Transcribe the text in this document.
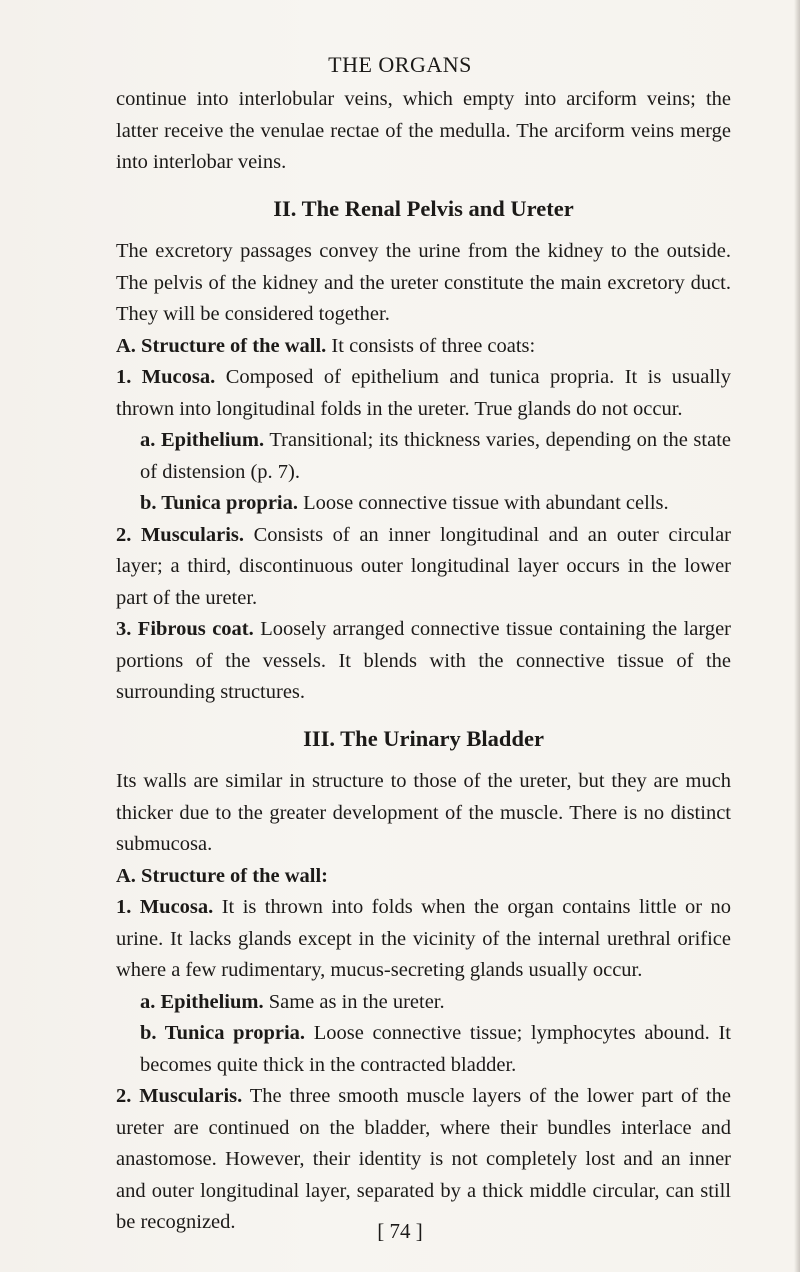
THE ORGANS

continue into interlobular veins, which empty into arciform veins; the latter receive the venulae rectae of the medulla. The arciform veins merge into interlobar veins.

II. The Renal Pelvis and Ureter

The excretory passages convey the urine from the kidney to the outside. The pelvis of the kidney and the ureter constitute the main excretory duct. They will be considered together.

A. Structure of the wall. It consists of three coats:

1. Mucosa. Composed of epithelium and tunica propria. It is usually thrown into longitudinal folds in the ureter. True glands do not occur.

a. Epithelium. Transitional; its thickness varies, depending on the state of distension (p. 7).

b. Tunica propria. Loose connective tissue with abundant cells.

2. Muscularis. Consists of an inner longitudinal and an outer circular layer; a third, discontinuous outer longitudinal layer occurs in the lower part of the ureter.

3. Fibrous coat. Loosely arranged connective tissue containing the larger portions of the vessels. It blends with the connective tissue of the surrounding structures.

III. The Urinary Bladder

Its walls are similar in structure to those of the ureter, but they are much thicker due to the greater development of the muscle. There is no distinct submucosa.

A. Structure of the wall:

1. Mucosa. It is thrown into folds when the organ contains little or no urine. It lacks glands except in the vicinity of the internal urethral orifice where a few rudimentary, mucus-secreting glands usually occur.

a. Epithelium. Same as in the ureter.

b. Tunica propria. Loose connective tissue; lymphocytes abound. It becomes quite thick in the contracted bladder.

2. Muscularis. The three smooth muscle layers of the lower part of the ureter are continued on the bladder, where their bundles interlace and anastomose. However, their identity is not completely lost and an inner and outer longitudinal layer, separated by a thick middle circular, can still be recognized.	[ 74 ]
